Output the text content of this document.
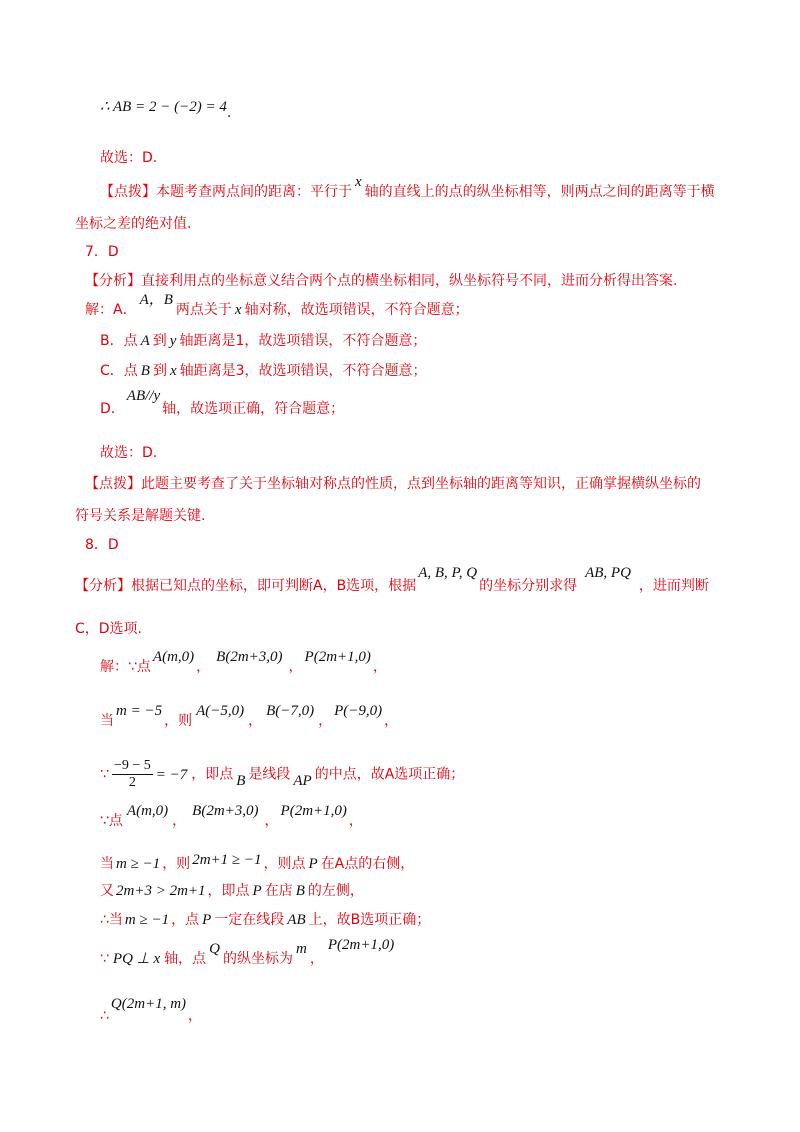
∴ AB = 2 − (−2) = 4.
故选：D.
【点拨】本题考查两点间的距离：平行于x轴的直线上的点的纵坐标相等，则两点之间的距离等于横
坐标之差的绝对值.
7．D
【分析】直接利用点的坐标意义结合两个点的横坐标相同，纵坐标符号不同，进而分析得出答案.
解：A．A，B两点关于 x 轴对称，故选项错误，不符合题意；
B．点 A 到 y 轴距离是1，故选项错误，不符合题意；
C．点 B 到 x 轴距离是3，故选项错误，不符合题意；
D．AB//y轴，故选项正确，符合题意；
故选：D.
【点拨】此题主要考查了关于坐标轴对称点的性质，点到坐标轴的距离等知识，正确掌握横纵坐标的
符号关系是解题关键.
8．D
【分析】根据已知点的坐标，即可判断A，B选项，根据A, B, P, Q的坐标分别求得AB, PQ，进而判断
C，D选项.
解：∵点A(m,0)，B(2m+3,0)，P(2m+1,0)，
当m = −5，则A(−5,0)，B(−7,0)，P(−9,0)，
∵ $\frac{-9 - 5}{2} = -7$ ，即点 B 是线段 AP 的中点，故A选项正确；
∵点A(m,0)，B(2m+3,0)，P(2m+1,0)，
当 m ≥ −1 ，则 2m+1 ≥ −1 ，则点 P 在A点的右侧，
又 2m+3 > 2m+1 ，即点 P 在店 B 的左侧，
∴当 m ≥ −1 ，点 P 一定在线段 AB 上，故B选项正确；
∵ PQ ⊥ x 轴，点Q的纵坐标为m，P(2m+1,0)
∴Q(2m+1, m)，
